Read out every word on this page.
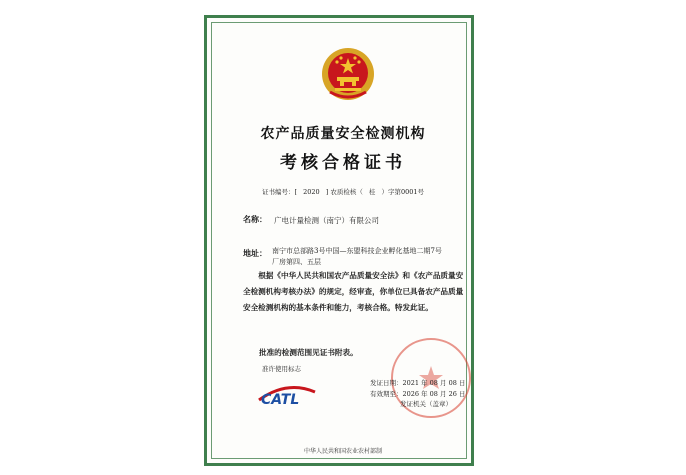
农产品质量安全检测机构
考核合格证书
证书编号：[ 2020 ] 农质检核（ 桂 ）字第0001号
名称： 广电计量检测（南宁）有限公司
地址： 南宁市总部路3号中国—东盟科技企业孵化基地二期7号厂房第四、五层
根据《中华人民共和国农产品质量安全法》和《农产品质量安全检测机构考核办法》的规定，经审查，你单位已具备农产品质量安全检测机构的基本条件和能力，考核合格。特发此证。
批准的检测范围见证书附表。
准许使用标志
CATL
发证日期：2021 年 08 月 08 日
有效期至：2026 年 08 月 26 日
发证机关（盖章）
中华人民共和国农业农村部制
